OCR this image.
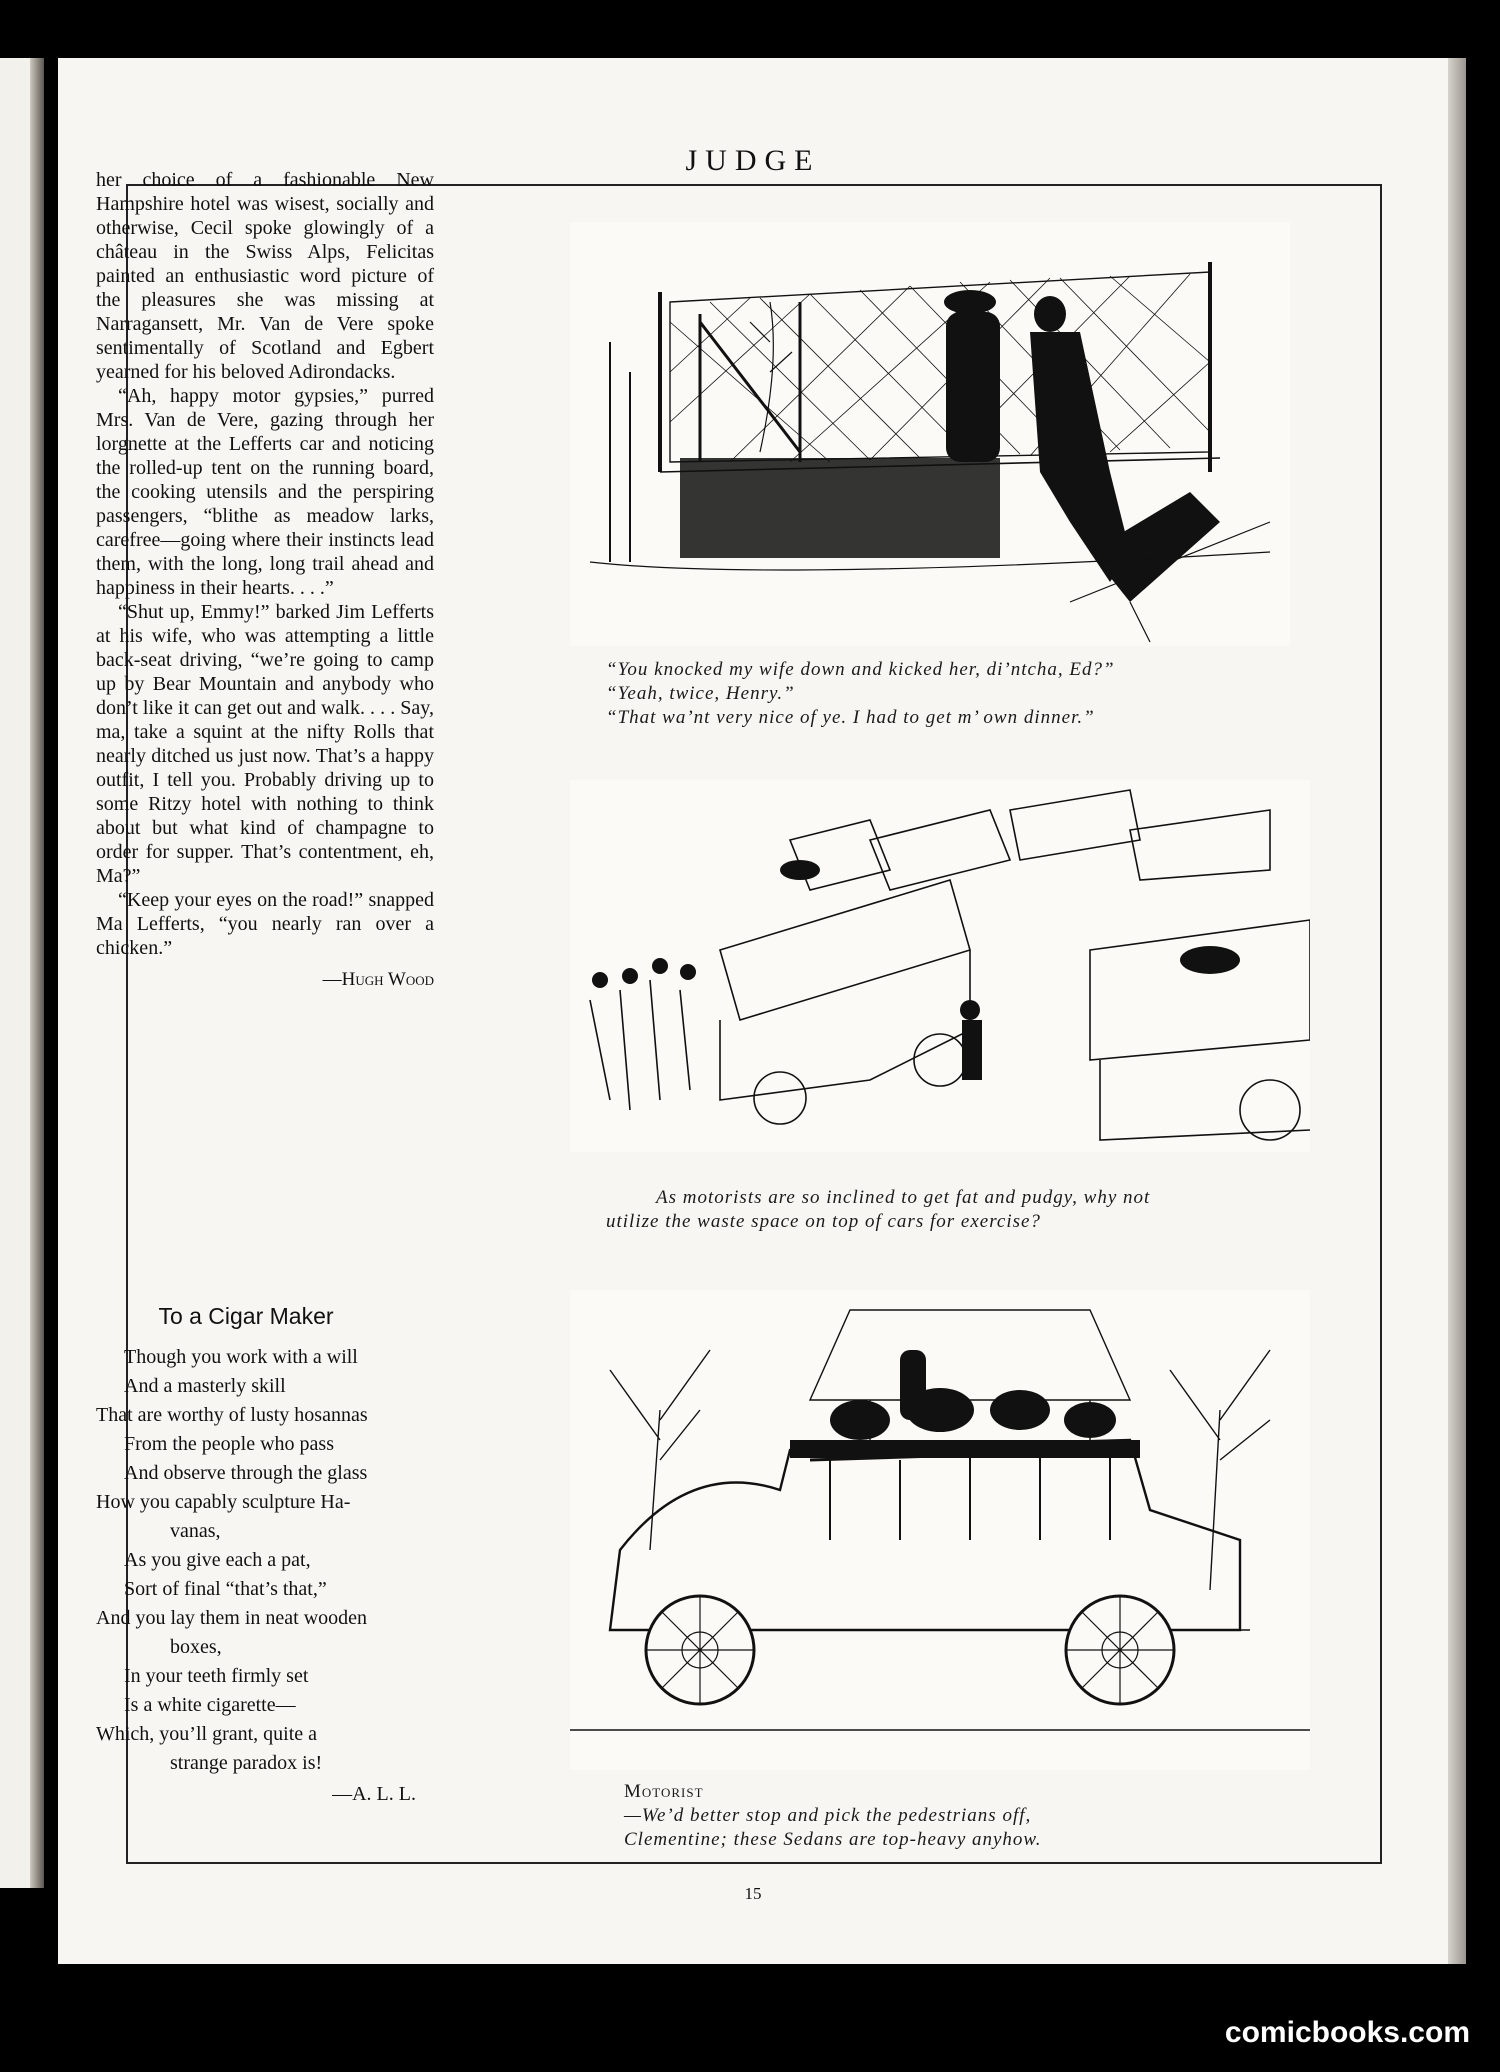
JUDGE
15

her choice of a fashionable New Hampshire hotel was wisest, socially and otherwise, Cecil spoke glowingly of a château in the Swiss Alps, Felicitas painted an enthusiastic word picture of the pleasures she was missing at Narragansett, Mr. Van de Vere spoke sentimentally of Scotland and Egbert yearned for his beloved Adirondacks.

“Ah, happy motor gypsies,” purred Mrs. Van de Vere, gazing through her lorgnette at the Lefferts car and noticing the rolled-up tent on the running board, the cooking utensils and the perspiring passengers, “blithe as meadow larks, carefree—going where their instincts lead them, with the long, long trail ahead and happiness in their hearts. . . .”

“Shut up, Emmy!” barked Jim Lefferts at his wife, who was attempting a little back-seat driving, “we’re going to camp up by Bear Mountain and anybody who don’t like it can get out and walk. . . . Say, ma, take a squint at the nifty Rolls that nearly ditched us just now. That’s a happy outfit, I tell you. Probably driving up to some Ritzy hotel with nothing to think about but what kind of champagne to order for supper. That’s contentment, eh, Ma?”

“Keep your eyes on the road!” snapped Ma Lefferts, “you nearly ran over a chicken.”

—Hugh Wood
To a Cigar Maker
Though you work with a will
And a masterly skill
That are worthy of lusty hosannas
From the people who pass
And observe through the glass
How you capably sculpture Ha-
vanas,
As you give each a pat,
Sort of final “that’s that,”
And you lay them in neat wooden
boxes,
In your teeth firmly set
Is a white cigarette—
Which, you’ll grant, quite a
strange paradox is!
—A. L. L.
“You knocked my wife down and kicked her, di’ntcha, Ed?”
“Yeah, twice, Henry.”
“That wa’nt very nice of ye. I had to get m’ own dinner.”
As motorists are so inclined to get fat and pudgy, why not
utilize the waste space on top of cars for exercise?
Motorist
—We’d better stop and pick the pedestrians off,
Clementine; these Sedans are top-heavy anyhow.
comicbooks.com
